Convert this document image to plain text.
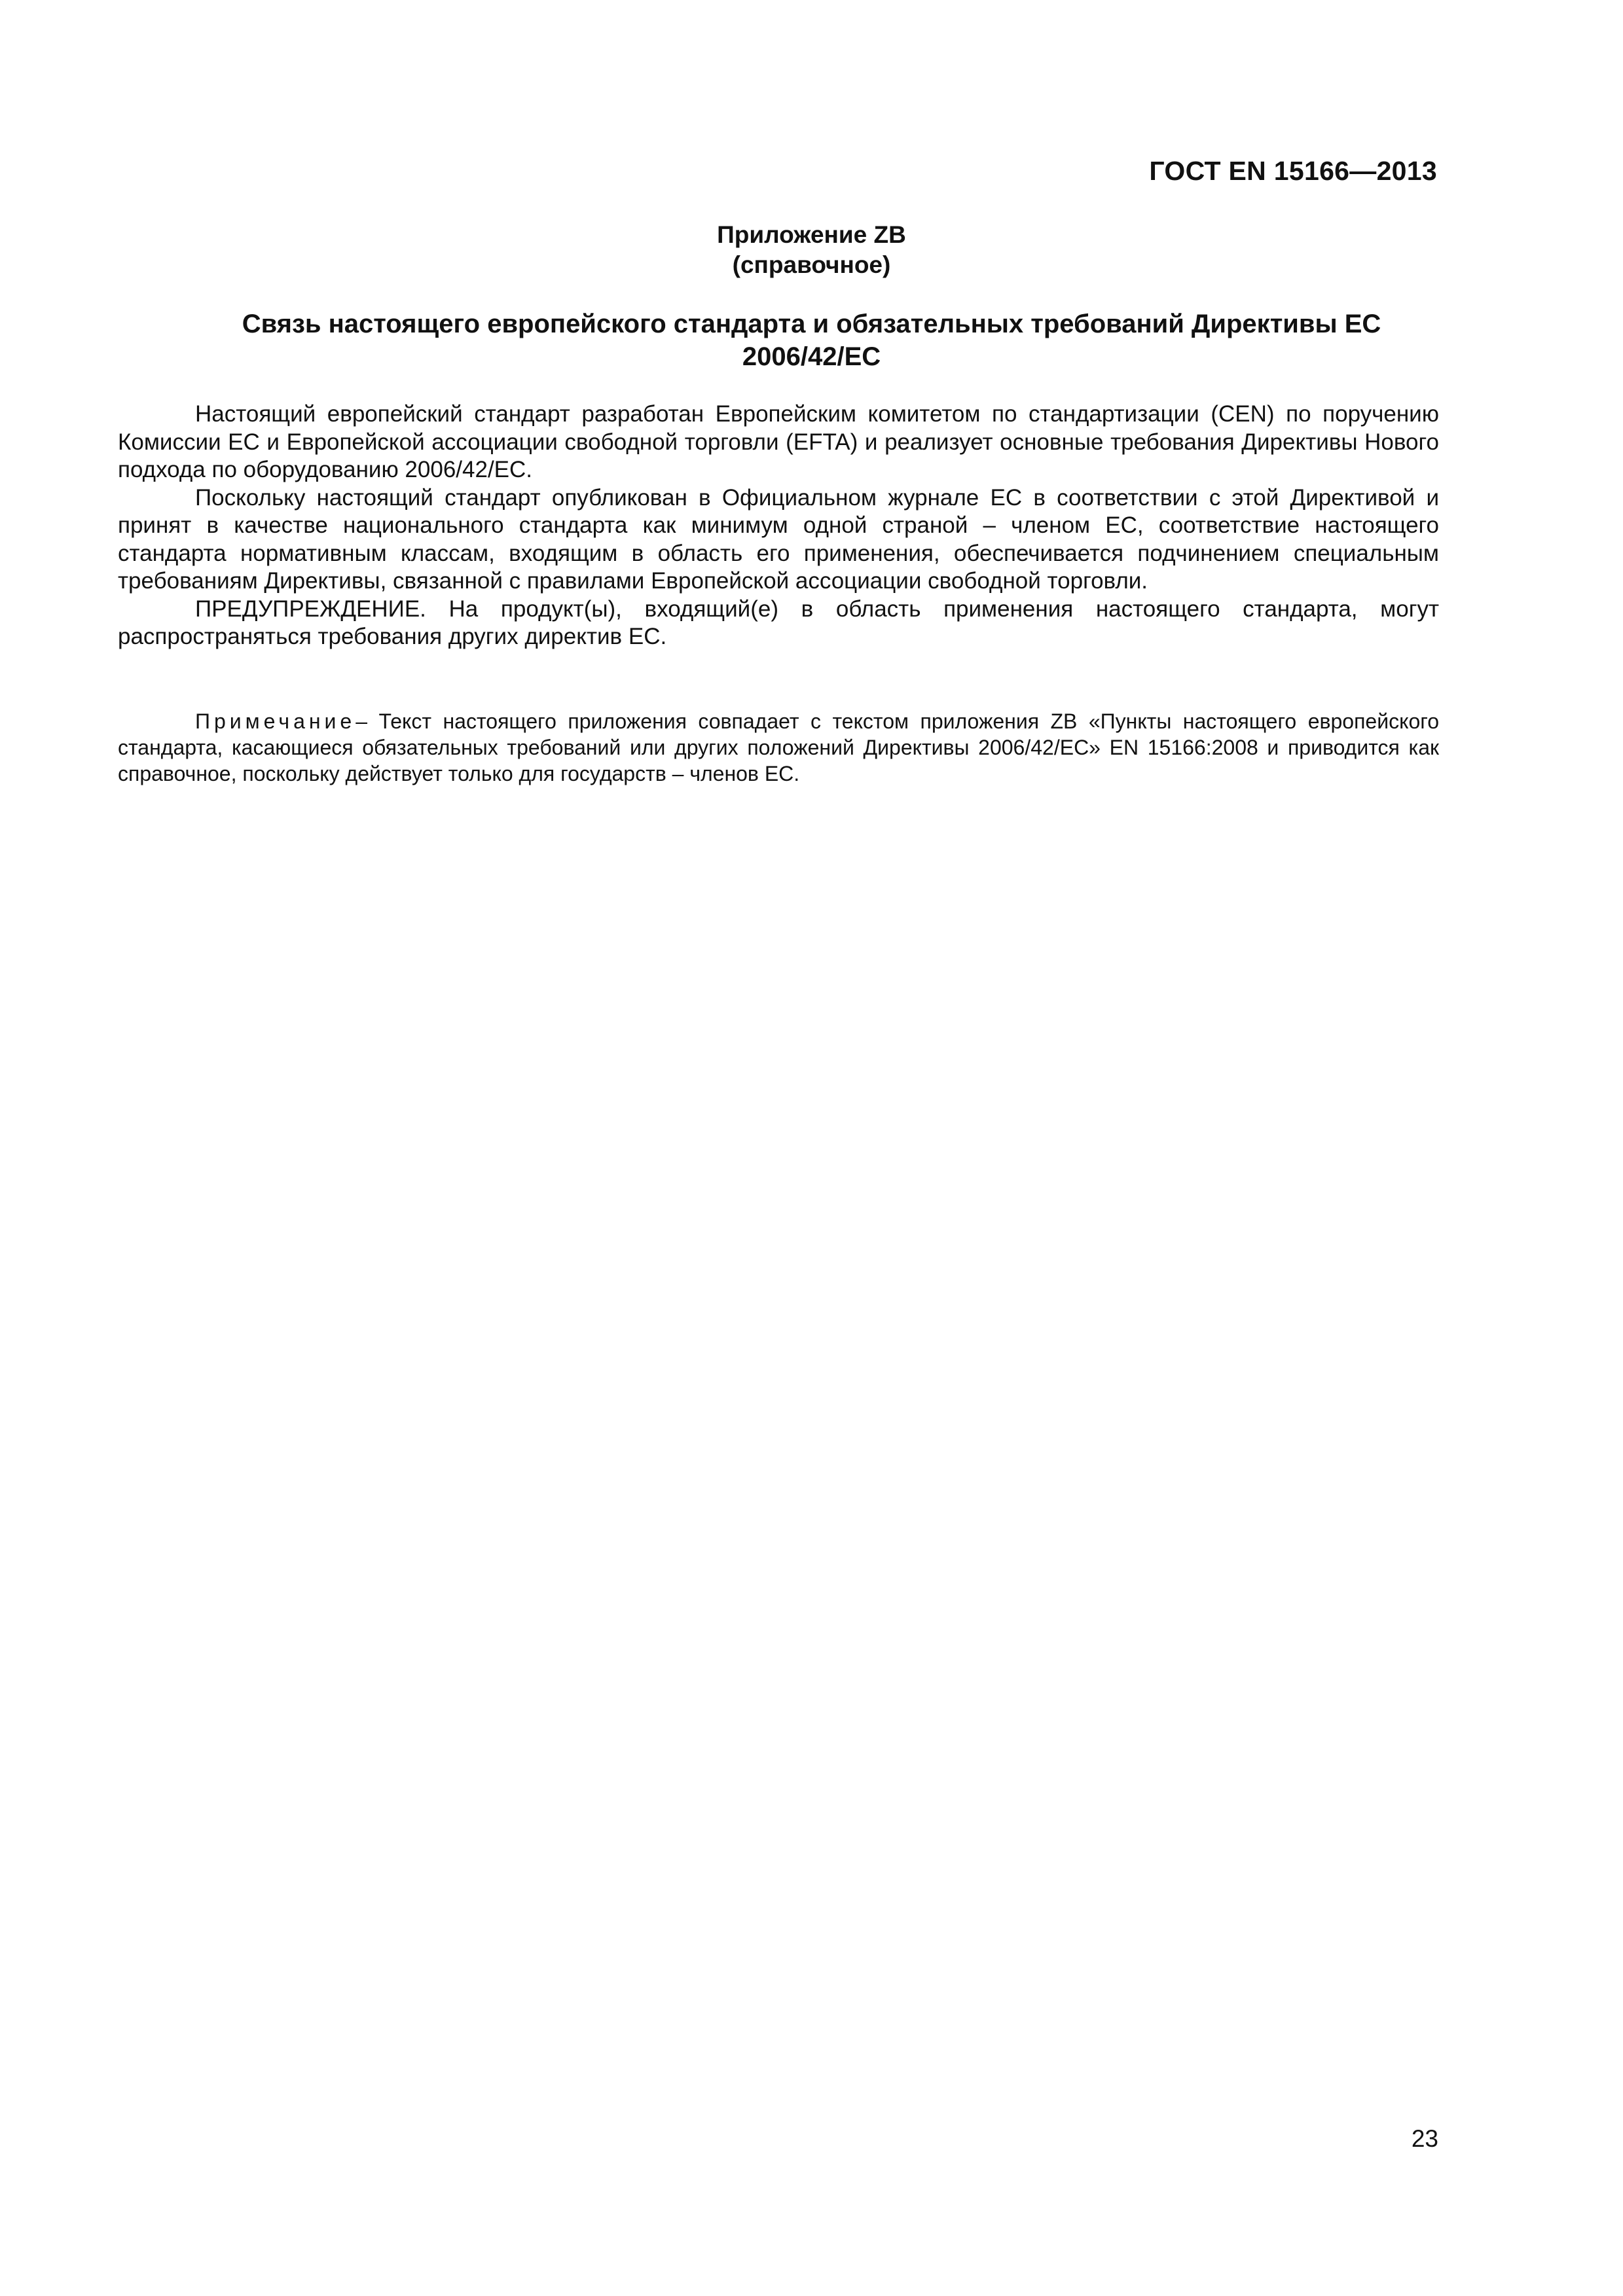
ГОСТ EN 15166—2013
Приложение ZB
(справочное)
Связь настоящего европейского стандарта и обязательных требований Директивы ЕС
2006/42/ЕС

Настоящий европейский стандарт разработан Европейским комитетом по стандартизации (CEN) по поручению Комиссии ЕС и Европейской ассоциации свободной торговли (EFTA) и реализует основные требования Директивы Нового подхода по оборудованию 2006/42/ЕС.

Поскольку настоящий стандарт опубликован в Официальном журнале ЕС в соответствии с этой Директивой и принят в качестве национального стандарта как минимум одной страной – членом ЕС, соответствие настоящего стандарта нормативным классам, входящим в область его применения, обеспечивается подчинением специальным требованиям Директивы, связанной с правилами Европейской ассоциации свободной торговли.

ПРЕДУПРЕЖДЕНИЕ. На продукт(ы), входящий(е) в область применения настоящего стандарта, могут распространяться требования других директив ЕС.

Примечание– Текст настоящего приложения совпадает с текстом приложения ZB «Пункты настоящего европейского стандарта, касающиеся обязательных требований или других положений Директивы 2006/42/ЕС» EN 15166:2008 и приводится как справочное, поскольку действует только для государств – членов ЕС.

23
